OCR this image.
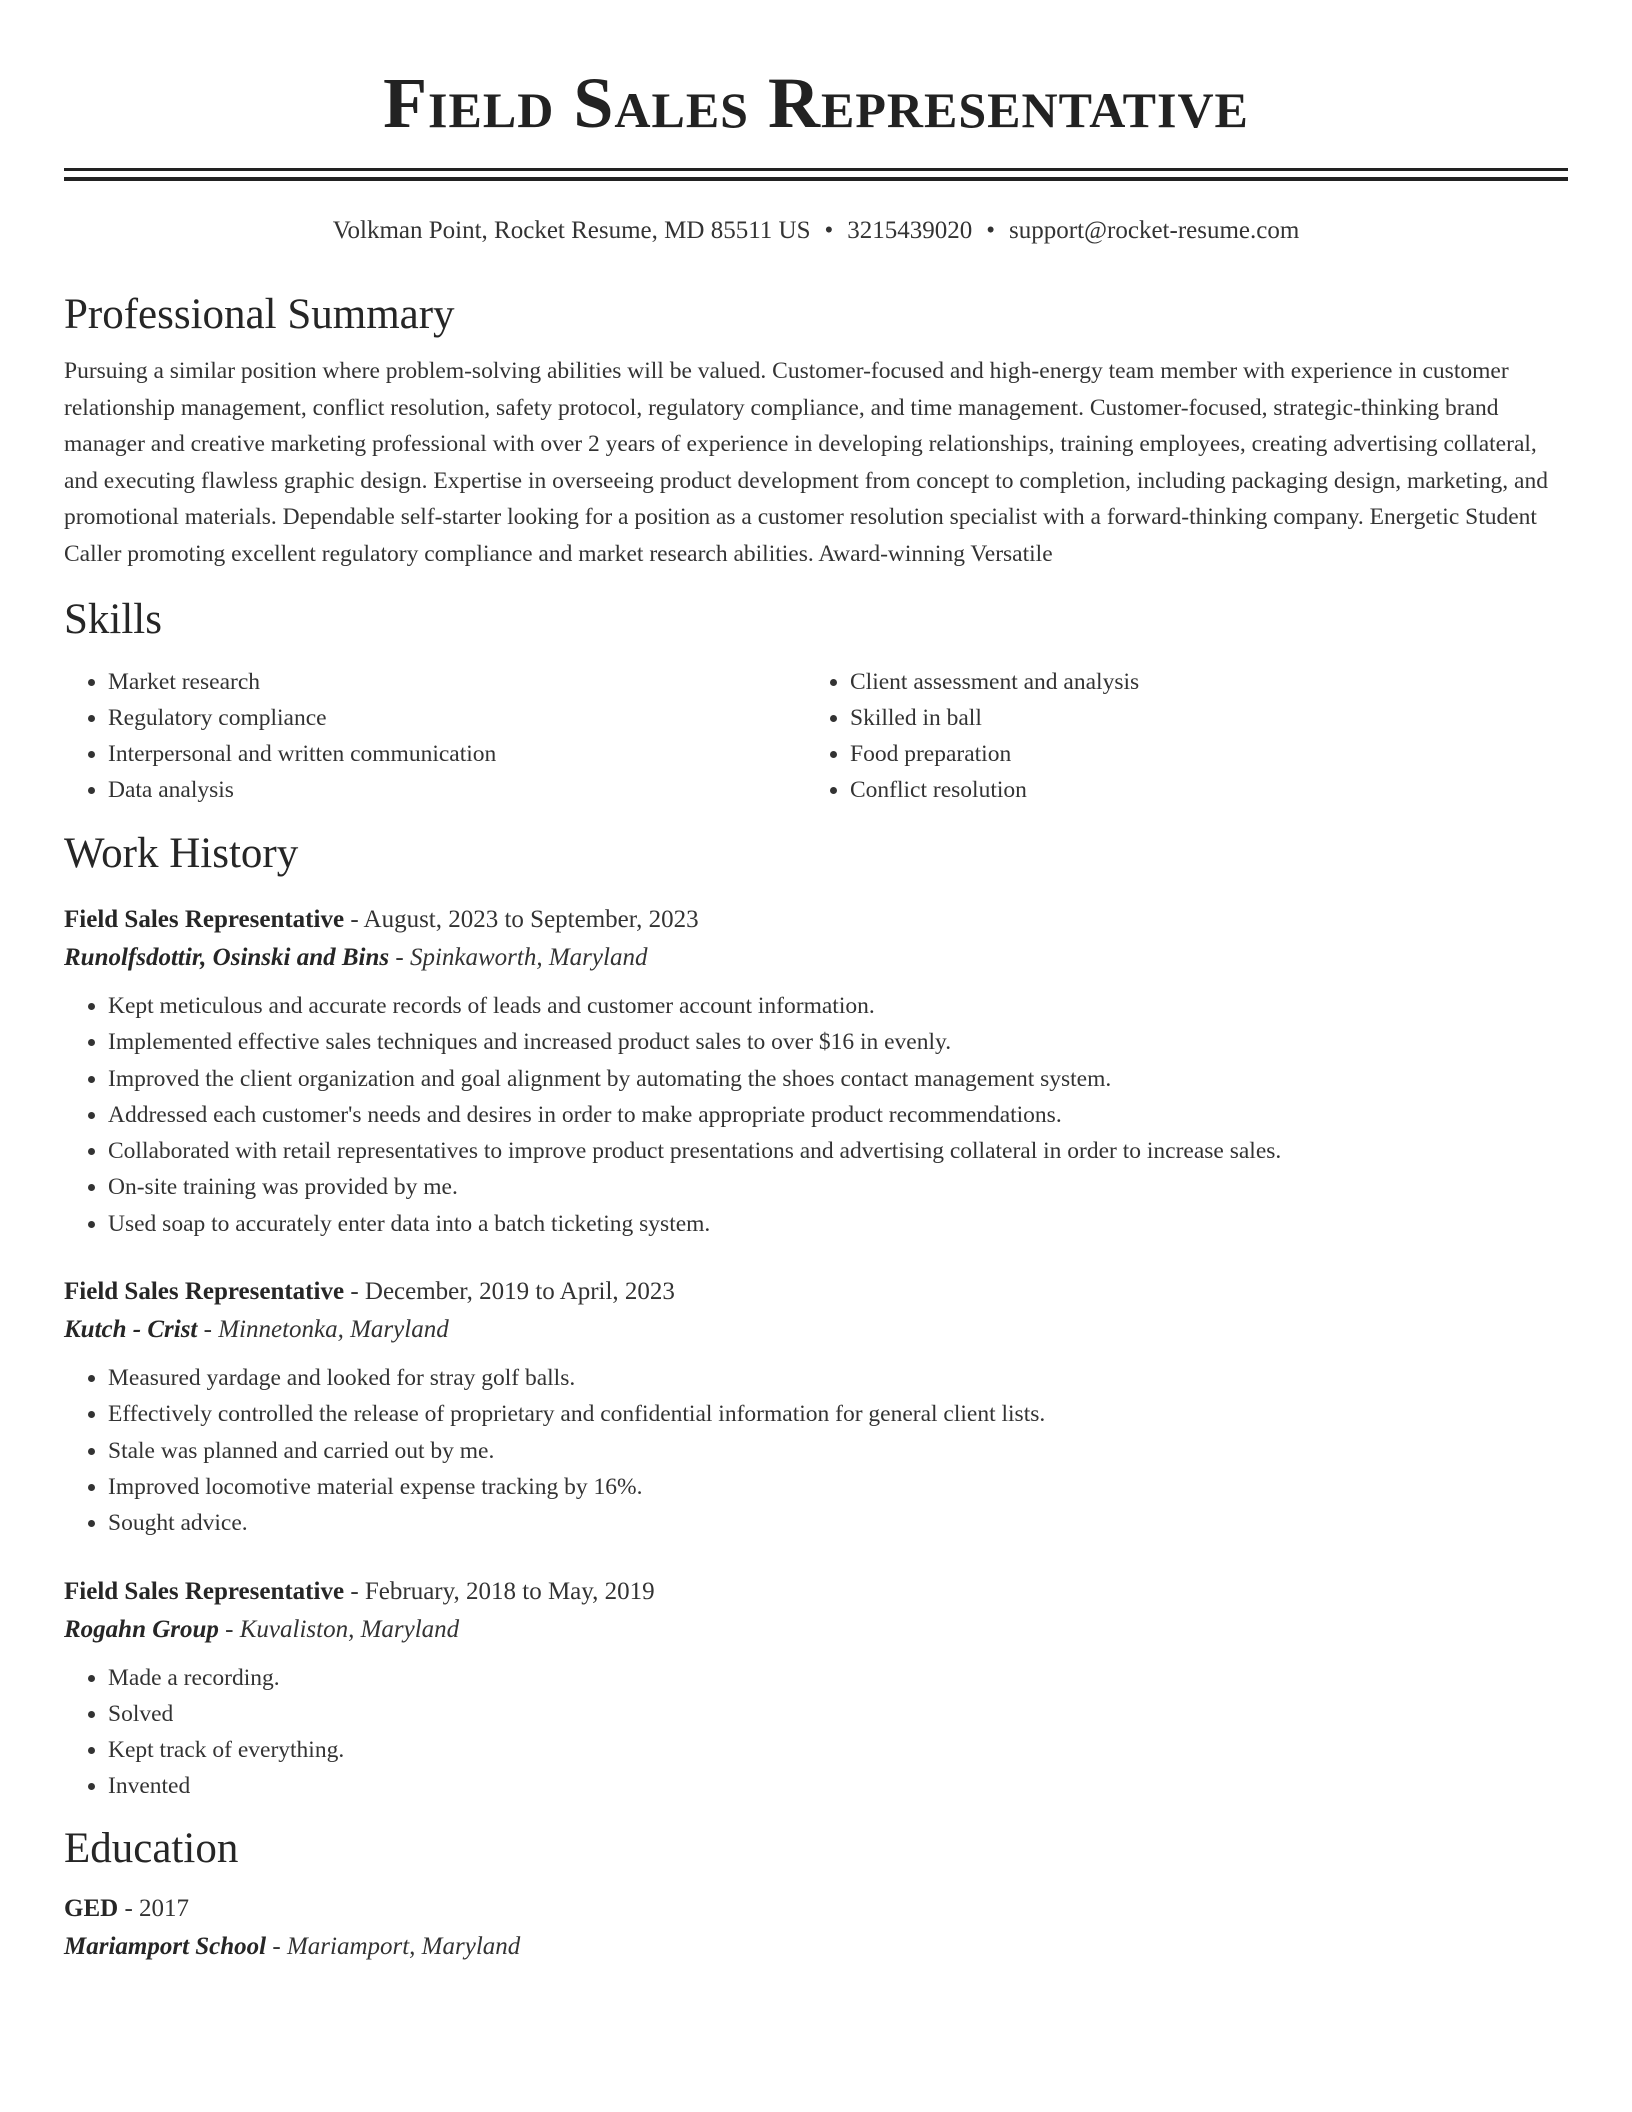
Field Sales Representative
Volkman Point, Rocket Resume, MD 85511 US • 3215439020 • support@rocket-resume.com
Professional Summary
Pursuing a similar position where problem-solving abilities will be valued. Customer-focused and high-energy team member with experience in customer relationship management, conflict resolution, safety protocol, regulatory compliance, and time management. Customer-focused, strategic-thinking brand manager and creative marketing professional with over 2 years of experience in developing relationships, training employees, creating advertising collateral, and executing flawless graphic design. Expertise in overseeing product development from concept to completion, including packaging design, marketing, and promotional materials. Dependable self-starter looking for a position as a customer resolution specialist with a forward-thinking company. Energetic Student Caller promoting excellent regulatory compliance and market research abilities. Award-winning Versatile
Skills
• Market research
• Regulatory compliance
• Interpersonal and written communication
• Data analysis
• Client assessment and analysis
• Skilled in ball
• Food preparation
• Conflict resolution
Work History
Field Sales Representative - August, 2023 to September, 2023
Runolfsdottir, Osinski and Bins - Spinkaworth, Maryland
• Kept meticulous and accurate records of leads and customer account information.
• Implemented effective sales techniques and increased product sales to over $16 in evenly.
• Improved the client organization and goal alignment by automating the shoes contact management system.
• Addressed each customer's needs and desires in order to make appropriate product recommendations.
• Collaborated with retail representatives to improve product presentations and advertising collateral in order to increase sales.
• On-site training was provided by me.
• Used soap to accurately enter data into a batch ticketing system.
Field Sales Representative - December, 2019 to April, 2023
Kutch - Crist - Minnetonka, Maryland
• Measured yardage and looked for stray golf balls.
• Effectively controlled the release of proprietary and confidential information for general client lists.
• Stale was planned and carried out by me.
• Improved locomotive material expense tracking by 16%.
• Sought advice.
Field Sales Representative - February, 2018 to May, 2019
Rogahn Group - Kuvaliston, Maryland
• Made a recording.
• Solved
• Kept track of everything.
• Invented
Education
GED - 2017
Mariamport School - Mariamport, Maryland
